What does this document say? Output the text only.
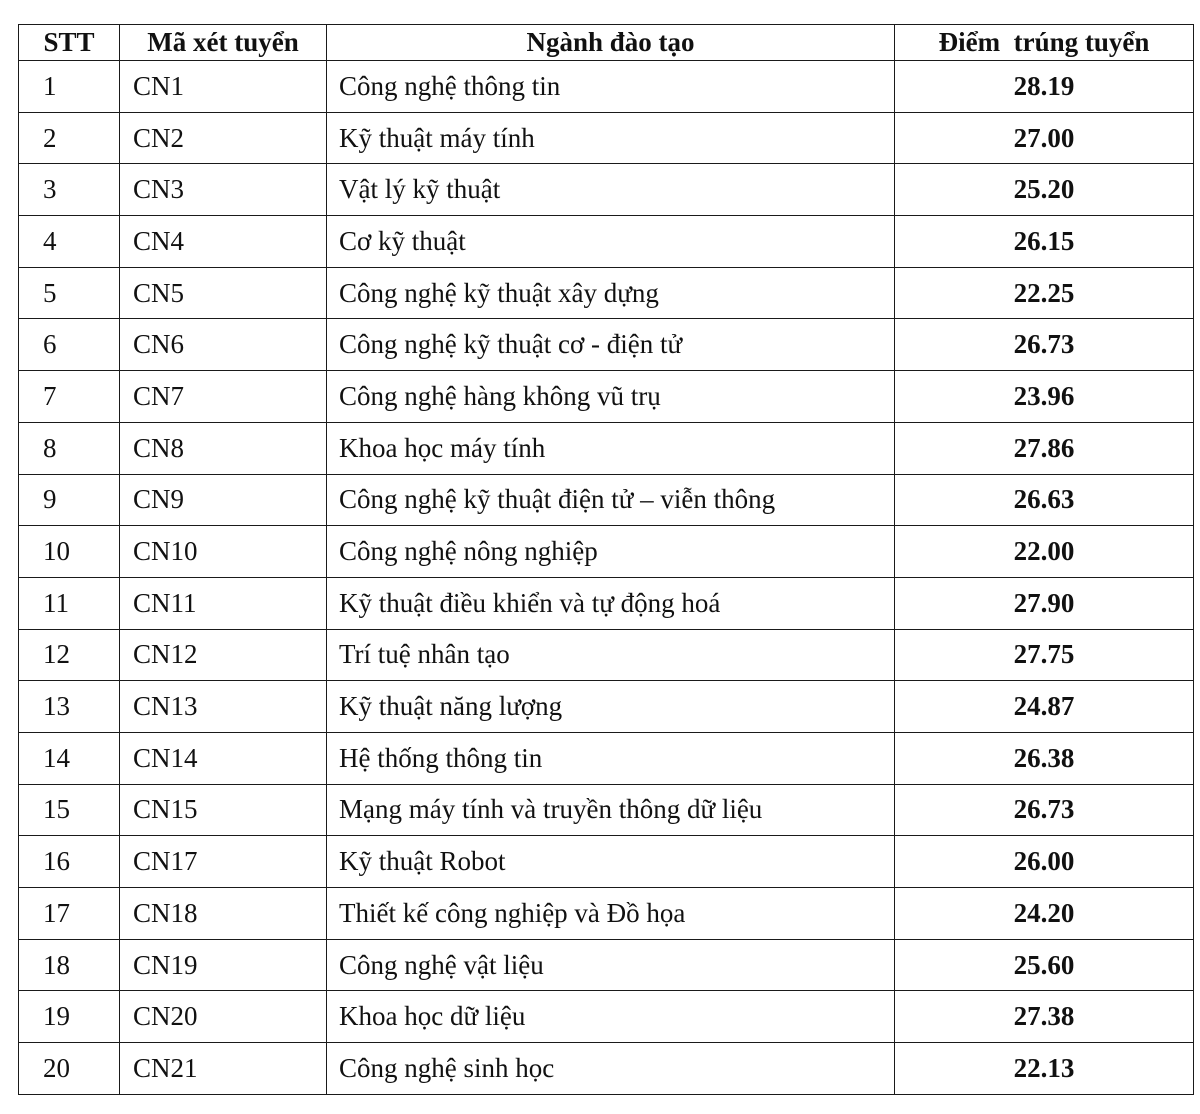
STT	Mã xét tuyển	Ngành đào tạo	Điểm  trúng tuyển
1	CN1	Công nghệ thông tin	28.19
2	CN2	Kỹ thuật máy tính	27.00
3	CN3	Vật lý kỹ thuật	25.20
4	CN4	Cơ kỹ thuật	26.15
5	CN5	Công nghệ kỹ thuật xây dựng	22.25
6	CN6	Công nghệ kỹ thuật cơ - điện tử	26.73
7	CN7	Công nghệ hàng không vũ trụ	23.96
8	CN8	Khoa học máy tính	27.86
9	CN9	Công nghệ kỹ thuật điện tử – viễn thông	26.63
10	CN10	Công nghệ nông nghiệp	22.00
11	CN11	Kỹ thuật điều khiển và tự động hoá	27.90
12	CN12	Trí tuệ nhân tạo	27.75
13	CN13	Kỹ thuật năng lượng	24.87
14	CN14	Hệ thống thông tin	26.38
15	CN15	Mạng máy tính và truyền thông dữ liệu	26.73
16	CN17	Kỹ thuật Robot	26.00
17	CN18	Thiết kế công nghiệp và Đồ họa	24.20
18	CN19	Công nghệ vật liệu	25.60
19	CN20	Khoa học dữ liệu	27.38
20	CN21	Công nghệ sinh học	22.13
